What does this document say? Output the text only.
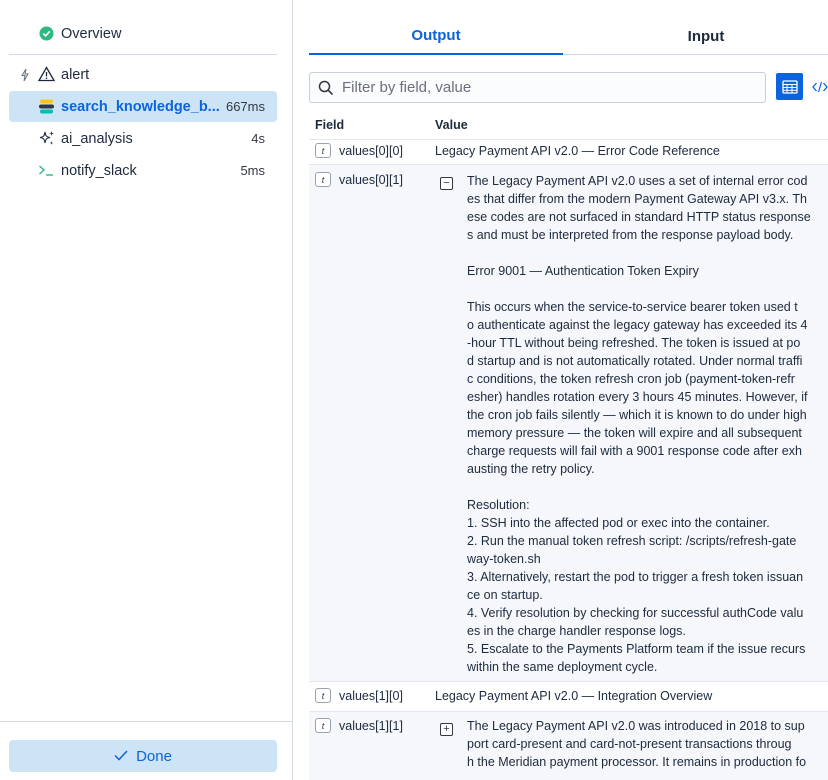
Overview
alert
search_knowledge_b... 667ms
ai_analysis	4s
notify_slack	5ms
Done
Output	Input
Filter by field, value
Field	Value
t	values[0][0]	Legacy Payment API v2.0 — Error Code Reference
t	values[0][1]	− The Legacy Payment API v2.0 uses a set of internal error cod

es that differ from the modern Payment Gateway API v3.x. Th

ese codes are not surfaced in standard HTTP status response

s and must be interpreted from the response payload body.

Error 9001 — Authentication Token Expiry

This occurs when the service-to-service bearer token used t

o authenticate against the legacy gateway has exceeded its 4

-hour TTL without being refreshed. The token is issued at po

d startup and is not automatically rotated. Under normal traffi

c conditions, the token refresh cron job (payment-token-refr

esher) handles rotation every 3 hours 45 minutes. However, if

the cron job fails silently — which it is known to do under high

memory pressure — the token will expire and all subsequent

charge requests will fail with a 9001 response code after exh

austing the retry policy.

Resolution:

1. SSH into the affected pod or exec into the container.

2. Run the manual token refresh script: /scripts/refresh-gate

way-token.sh

3. Alternatively, restart the pod to trigger a fresh token issuan

ce on startup.

4. Verify resolution by checking for successful authCode valu

es in the charge handler response logs.

5. Escalate to the Payments Platform team if the issue recurs

within the same deployment cycle.

t	values[1][0]	Legacy Payment API v2.0 — Integration Overview
t	values[1][1]	+ The Legacy Payment API v2.0 was introduced in 2018 to sup

port card-present and card-not-present transactions throug

h the Meridian payment processor. It remains in production fo
